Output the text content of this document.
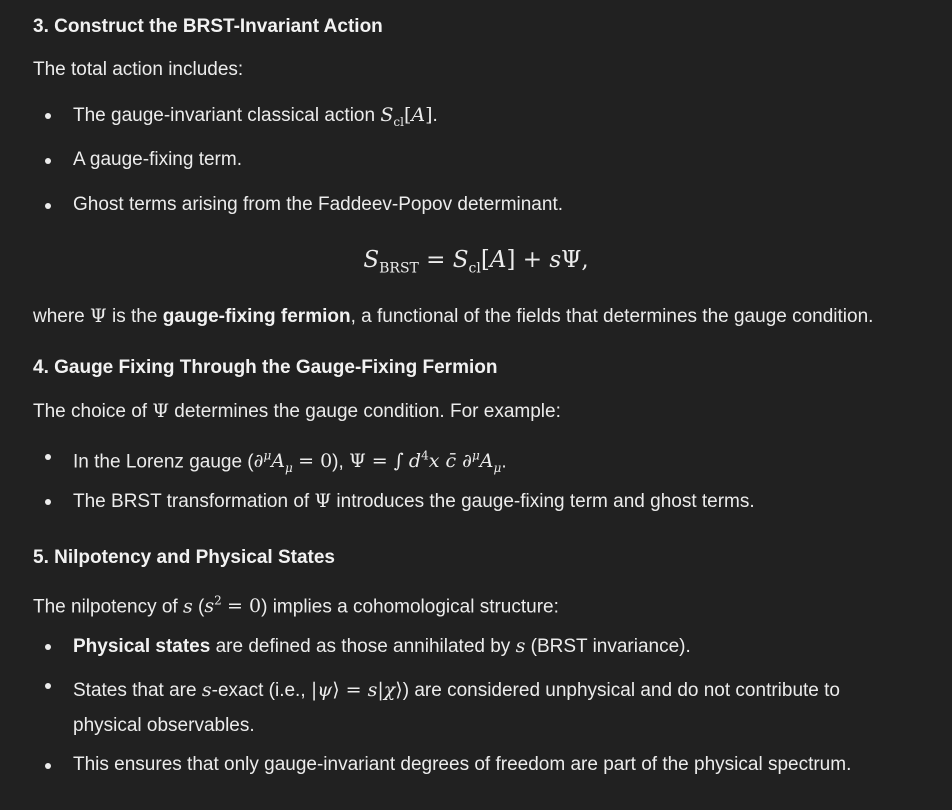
3. Construct the BRST-Invariant Action

The total action includes:

The gauge-invariant classical action $S_{cl}[A]$.
A gauge-fixing term.
Ghost terms arising from the Faddeev-Popov determinant.
$S_{BRST} = S_{cl}[A] + s\Psi$,

where Ψ is the gauge-fixing fermion, a functional of the fields that determines the gauge condition.

4. Gauge Fixing Through the Gauge-Fixing Fermion

The choice of Ψ determines the gauge condition. For example:

In the Lorenz gauge $(\partial^\mu A_\mu = 0)$, Ψ = ∫ $d^4x$ c̄ $\partial^\mu A_\mu$.
The BRST transformation of Ψ introduces the gauge-fixing term and ghost terms.
5. Nilpotency and Physical States

The nilpotency of s $(s^2 = 0)$ implies a cohomological structure:

Physical states are defined as those annihilated by s (BRST invariance).
States that are s-exact (i.e., |ψ⟩ = s|χ⟩) are considered unphysical and do not contribute to physical observables.
This ensures that only gauge-invariant degrees of freedom are part of the physical spectrum.
